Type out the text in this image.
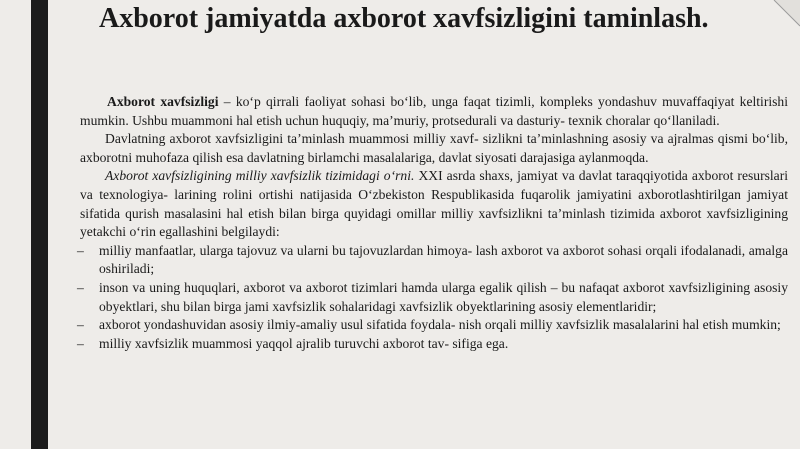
Axborot jamiyatda axborot xavfsizligini taminlash.

Axborot xavfsizligi – ko‘p qirrali faoliyat sohasi bo‘lib, unga faqat tizimli, kompleks yondashuv muvaffaqiyat keltirishi mumkin. Ushbu muammoni hal etish uchun huquqiy, ma’muriy, protsedurali va dasturiy- texnik choralar qo‘llaniladi.

Davlatning axborot xavfsizligini ta’minlash muammosi milliy xavf- sizlikni ta’minlashning asosiy va ajralmas qismi bo‘lib, axborotni muhofaza qilish esa davlatning birlamchi masalalariga, davlat siyosati darajasiga aylanmoqda.

Axborot xavfsizligining milliy xavfsizlik tizimidagi o‘rni. XXI asrda shaxs, jamiyat va davlat taraqqiyotida axborot resurslari va texnologiya- larining rolini ortishi natijasida O‘zbekiston Respublikasida fuqarolik jamiyatini axborotlashtirilgan jamiyat sifatida qurish masalasini hal etish bilan birga quyidagi omillar milliy xavfsizlikni ta’minlash tizimida axborot xavfsizligining yetakchi o‘rin egallashini belgilaydi:

– milliy manfaatlar, ularga tajovuz va ularni bu tajovuzlardan himoya- lash axborot va axborot sohasi orqali ifodalanadi, amalga oshiriladi;
– inson va uning huquqlari, axborot va axborot tizimlari hamda ularga egalik qilish – bu nafaqat axborot xavfsizligining asosiy obyektlari, shu bilan birga jami xavfsizlik sohalaridagi xavfsizlik obyektlarining asosiy elementlaridir;
– axborot yondashuvidan asosiy ilmiy-amaliy usul sifatida foydala- nish orqali milliy xavfsizlik masalalarini hal etish mumkin;
– milliy xavfsizlik muammosi yaqqol ajralib turuvchi axborot tav- sifiga ega.
